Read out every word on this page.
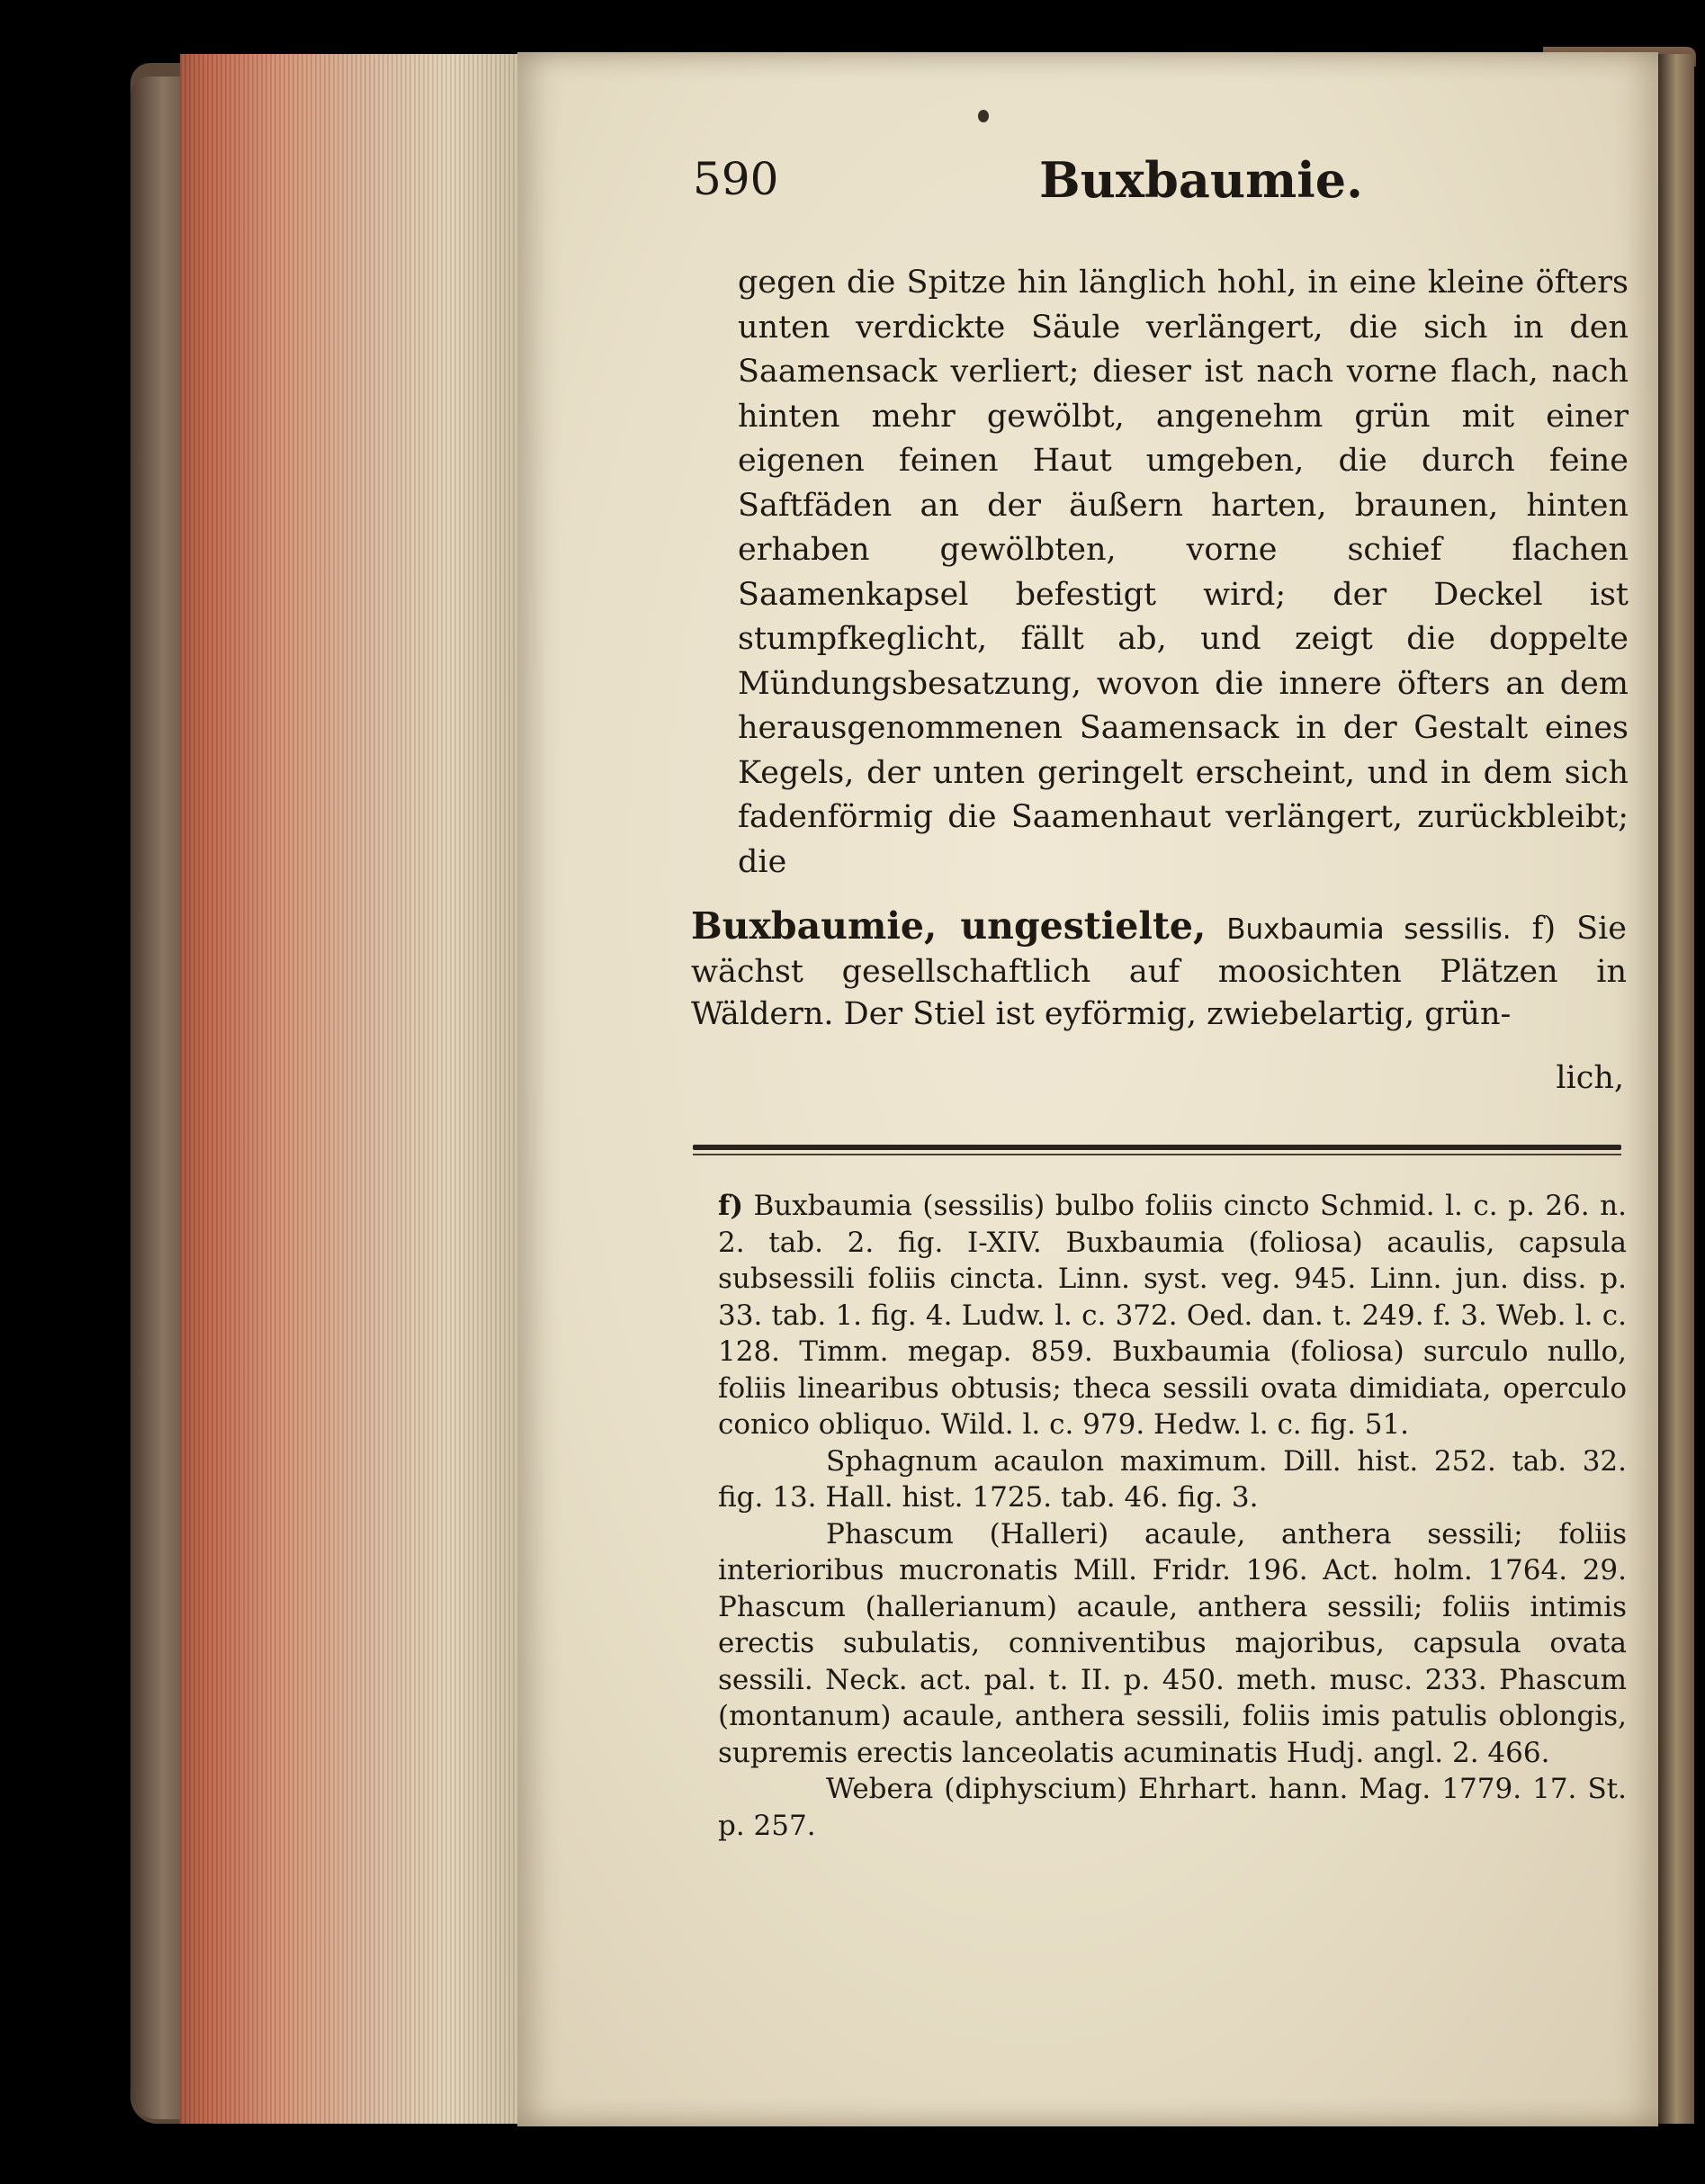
590	Buxbaumie.

gegen die Spitze hin länglich hohl, in eine kleine öfters unten verdickte Säule verlängert, die sich in den Saamensack verliert; dieser ist nach vorne flach, nach hinten mehr gewölbt, angenehm grün mit einer eigenen feinen Haut umgeben, die durch feine Saftfäden an der äußern harten, braunen, hinten erhaben gewölbten, vorne schief flachen Saamenkapsel befestigt wird; der Deckel ist stumpfkeglicht, fällt ab, und zeigt die doppelte Mündungsbesatzung, wovon die innere öfters an dem herausgenommenen Saamensack in der Gestalt eines Kegels, der unten geringelt erscheint, und in dem sich fadenförmig die Saamenhaut verlängert, zurückbleibt; die

Buxbaumie, ungestielte, Buxbaumia sessilis. f) Sie wächst gesellschaftlich auf moosichten Plätzen in Wäldern. Der Stiel ist eyförmig, zwiebelartig, grün-
lich,

f) Buxbaumia (sessilis) bulbo foliis cincto Schmid. l. c. p. 26. n. 2. tab. 2. fig. I-XIV. Buxbaumia (foliosa) acaulis, capsula subsessili foliis cincta. Linn. syst. veg. 945. Linn. jun. diss. p. 33. tab. 1. fig. 4. Ludw. l. c. 372. Oed. dan. t. 249. f. 3. Web. l. c. 128. Timm. megap. 859. Buxbaumia (foliosa) surculo nullo, foliis linearibus obtusis; theca sessili ovata dimidiata, operculo conico obliquo. Wild. l. c. 979. Hedw. l. c. fig. 51.

Sphagnum acaulon maximum. Dill. hist. 252. tab. 32. fig. 13. Hall. hist. 1725. tab. 46. fig. 3.

Phascum (Halleri) acaule, anthera sessili; foliis interioribus mucronatis Mill. Fridr. 196. Act. holm. 1764. 29. Phascum (hallerianum) acaule, anthera sessili; foliis intimis erectis subulatis, conniventibus majoribus, capsula ovata sessili. Neck. act. pal. t. II. p. 450. meth. musc. 233. Phascum (montanum) acaule, anthera sessili, foliis imis patulis oblongis, supremis erectis lanceolatis acuminatis Hudj. angl. 2. 466.

Webera (diphyscium) Ehrhart. hann. Mag. 1779. 17. St. p. 257.
